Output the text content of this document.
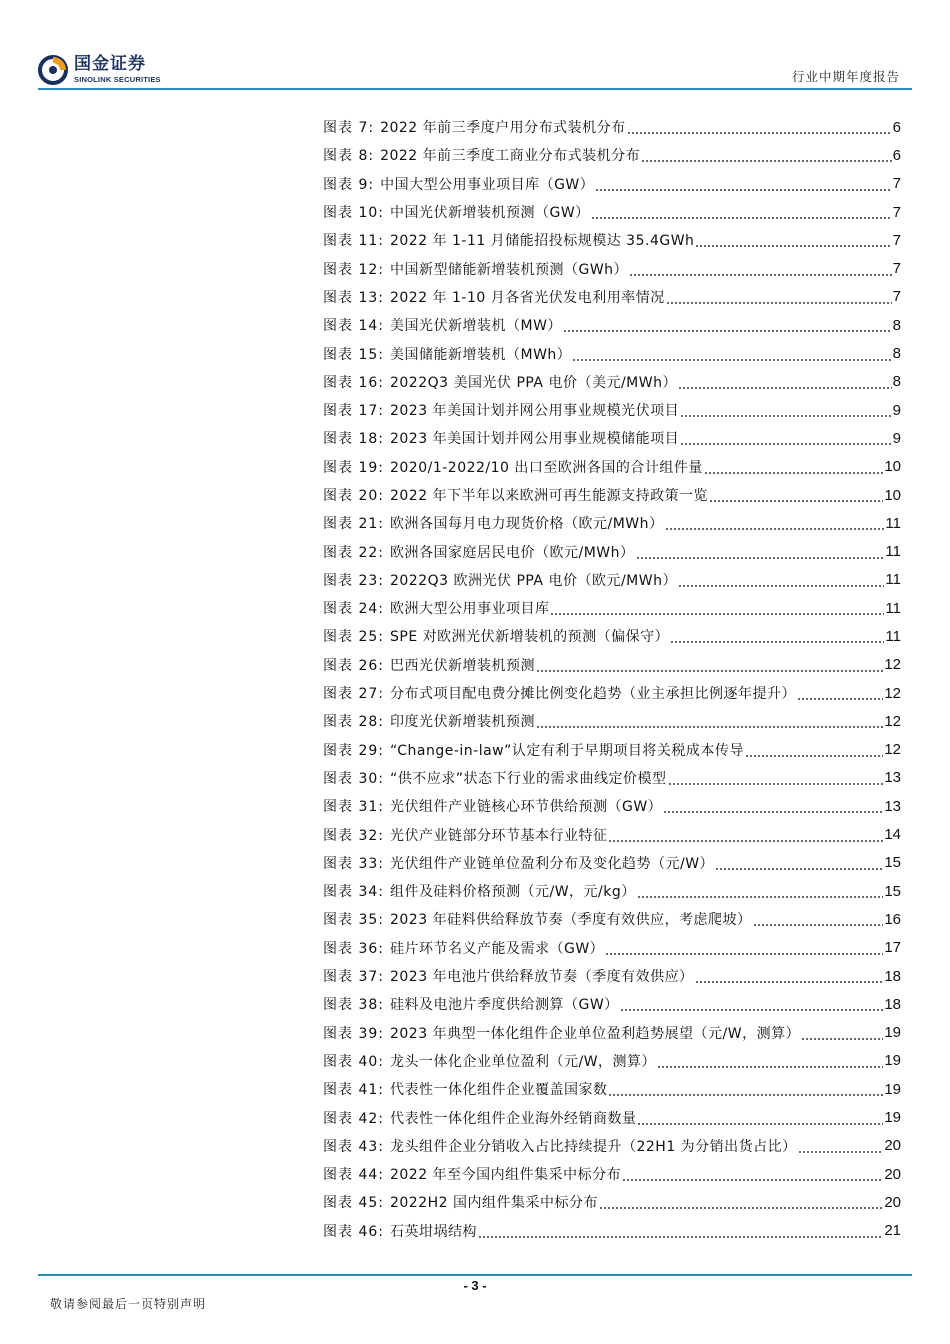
国金证券
SINOLINK SECURITIES	行业中期年度报告
图表 7: 2022 年前三季度户用分布式装机分布	6
图表 8: 2022 年前三季度工商业分布式装机分布	6
图表 9: 中国大型公用事业项目库（GW）	7
图表 10: 中国光伏新增装机预测（GW）	7
图表 11: 2022 年 1-11 月储能招投标规模达 35.4GWh	7
图表 12: 中国新型储能新增装机预测（GWh）	7
图表 13: 2022 年 1-10 月各省光伏发电利用率情况	7
图表 14: 美国光伏新增装机（MW）	8
图表 15: 美国储能新增装机（MWh）	8
图表 16: 2022Q3 美国光伏 PPA 电价（美元/MWh）	8
图表 17: 2023 年美国计划并网公用事业规模光伏项目	9
图表 18: 2023 年美国计划并网公用事业规模储能项目	9
图表 19: 2020/1-2022/10 出口至欧洲各国的合计组件量	10
图表 20: 2022 年下半年以来欧洲可再生能源支持政策一览	10
图表 21: 欧洲各国每月电力现货价格（欧元/MWh）	11
图表 22: 欧洲各国家庭居民电价（欧元/MWh）	11
图表 23: 2022Q3 欧洲光伏 PPA 电价（欧元/MWh）	11
图表 24: 欧洲大型公用事业项目库	11
图表 25: SPE 对欧洲光伏新增装机的预测（偏保守）	11
图表 26: 巴西光伏新增装机预测	12
图表 27: 分布式项目配电费分摊比例变化趋势（业主承担比例逐年提升）	12
图表 28: 印度光伏新增装机预测	12
图表 29: “Change-in-law”认定有利于早期项目将关税成本传导	12
图表 30: “供不应求”状态下行业的需求曲线定价模型	13
图表 31: 光伏组件产业链核心环节供给预测（GW）	13
图表 32: 光伏产业链部分环节基本行业特征	14
图表 33: 光伏组件产业链单位盈利分布及变化趋势（元/W）	15
图表 34: 组件及硅料价格预测（元/W，元/kg）	15
图表 35: 2023 年硅料供给释放节奏（季度有效供应，考虑爬坡）	16
图表 36: 硅片环节名义产能及需求（GW）	17
图表 37: 2023 年电池片供给释放节奏（季度有效供应）	18
图表 38: 硅料及电池片季度供给测算（GW）	18
图表 39: 2023 年典型一体化组件企业单位盈利趋势展望（元/W，测算）	19
图表 40: 龙头一体化企业单位盈利（元/W，测算）	19
图表 41: 代表性一体化组件企业覆盖国家数	19
图表 42: 代表性一体化组件企业海外经销商数量	19
图表 43: 龙头组件企业分销收入占比持续提升（22H1 为分销出货占比）	20
图表 44: 2022 年至今国内组件集采中标分布	20
图表 45: 2022H2 国内组件集采中标分布	20
图表 46: 石英坩埚结构	21
- 3 -
敬请参阅最后一页特别声明
